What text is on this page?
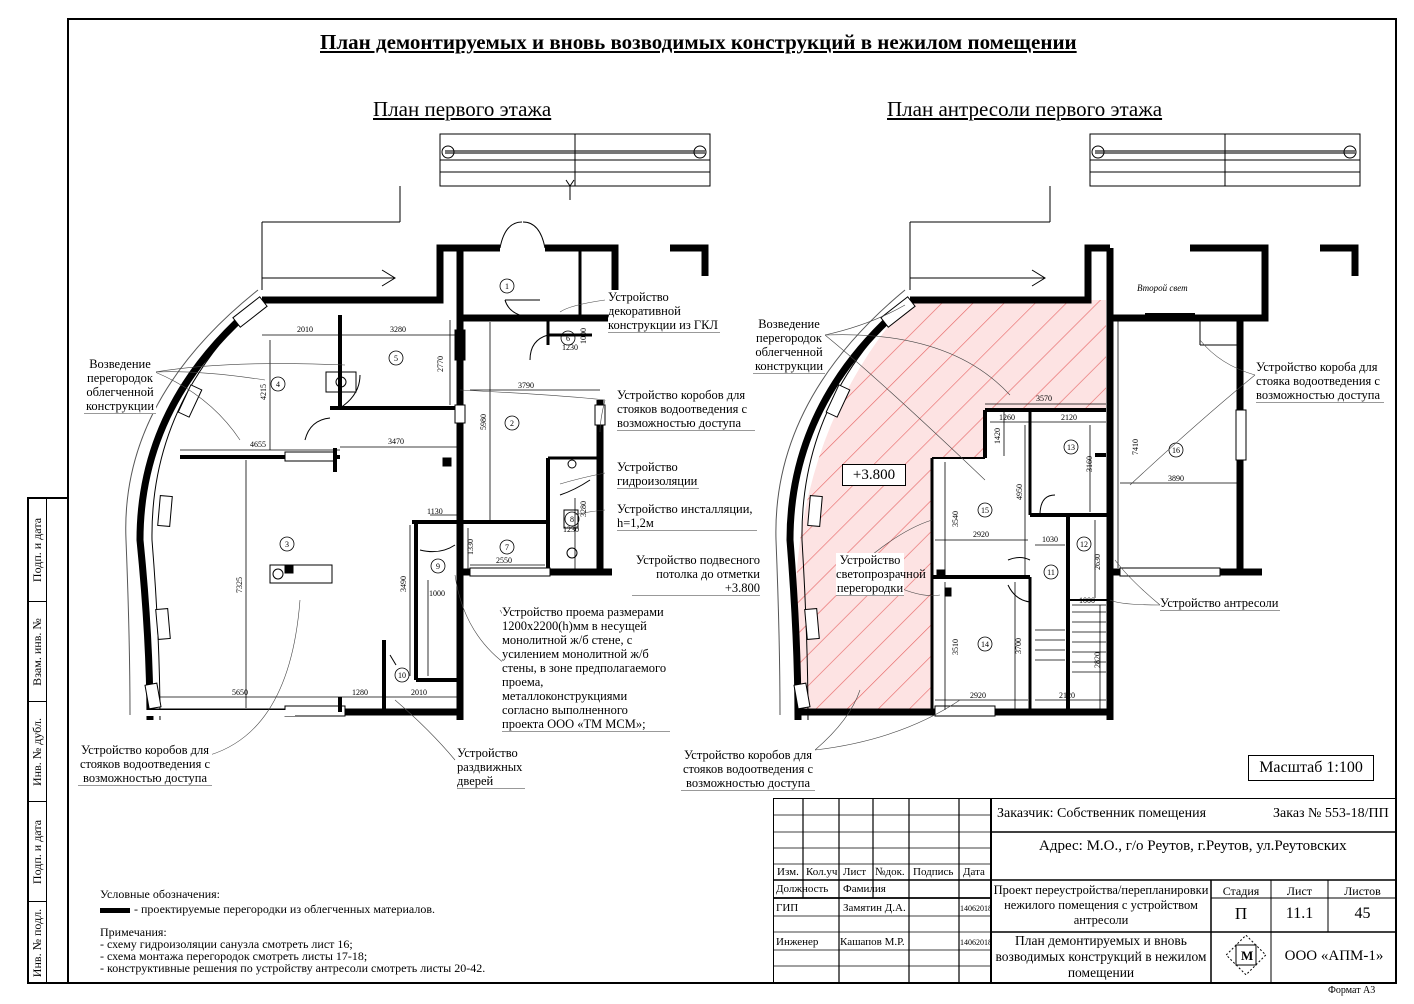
Подп. и дата
Взам. инв. №
Инв. № дубл.
Подп. и дата
Инв. № подл.
План демонтируемых и вновь возводимых конструкций в нежилом помещении
План первого этажа	План антресоли первого этажа
2010	3280
2770
4215	3790
4655	3470
5980
1230
1000
1130	3280
1230
1330
2550
7325	3490
1000
5650	1280	2010
1
2
3
4
5
6
7
8
9
10
3570
1260	2120
1420
7410
3160
3890
4950
3540
2920
1030
2630
1000
3700
3510
2820
2920	2120
Второй свет
11
12
13
14
15
16
+3.800
Устройство декоративной конструкции из ГКЛ
Возведение перегородок облегченной конструкции
Устройство коробов для стояков водоотведения с возможностью доступа
Устройство гидроизоляции
Устройство инсталляции, h=1,2м
Устройство подвесного потолка до отметки +3.800
Устройство проема размерами 1200x2200(h)мм в несущей монолитной ж/б стене, с усилением монолитной ж/б стены, в зоне предполагаемого проема, металлоконструкциями согласно выполненного проекта ООО «ТМ МСМ»;
Устройство коробов для стояков водоотведения с возможностью доступа
Устройство раздвижных дверей
Возведение перегородок облегченной конструкции	Устройство короба для стояка водоотведения с возможностью доступа
Устройство светопрозрачной перегородки
Устройство антресоли
Устройство коробов для стояков водоотведения с возможностью доступа
Масштаб 1:100
Условные обозначения:
- проектируемые перегородки из облегченных материалов.
Примечания:
- схему гидроизоляции санузла смотреть лист 16;
- схема монтажа перегородок смотреть листы 17-18;
- конструктивные решения по устройству антресоли смотреть листы 20-42.
М
Заказчик: Собственник помещения	Заказ № 553-18/ПП
Адрес: М.О., г/о Реутов, г.Реутов, ул.Реутовских
Изм. Кол.уч Лист №док. Подпись Дата
Должность Фамилия
ГИП	Замятин Д.А.	14062018
Инженер Кашапов М.Р.	14062018
Проект переустройства/перепланировки нежилого помещения с устройством антресоли
План демонтируемых и вновь возводимых конструкций в нежилом помещении
Стадия	Лист	Листов
П	11.1	45
ООО «АПМ-1»
Формат А3
